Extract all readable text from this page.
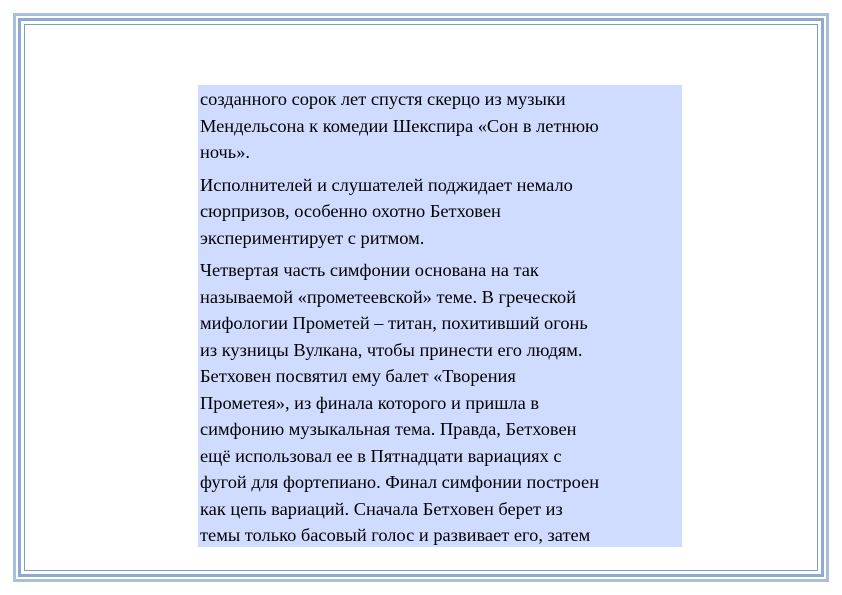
созданного сорок лет спустя скерцо из музыки
Мендельсона к комедии Шекспира «Сон в летнюю
ночь».

Исполнителей и слушателей поджидает немало
сюрпризов, особенно охотно Бетховен
экспериментирует с ритмом.

Четвертая часть симфонии основана на так
называемой «прометеевской» теме. В греческой
мифологии Прометей – титан, похитивший огонь
из кузницы Вулкана, чтобы принести его людям.
Бетховен посвятил ему балет «Творения
Прометея», из финала которого и пришла в
симфонию музыкальная тема. Правда, Бетховен
ещё использовал ее в Пятнадцати вариациях с
фугой для фортепиано. Финал симфонии построен
как цепь вариаций. Сначала Бетховен берет из
темы только басовый голос и развивает его, затем
